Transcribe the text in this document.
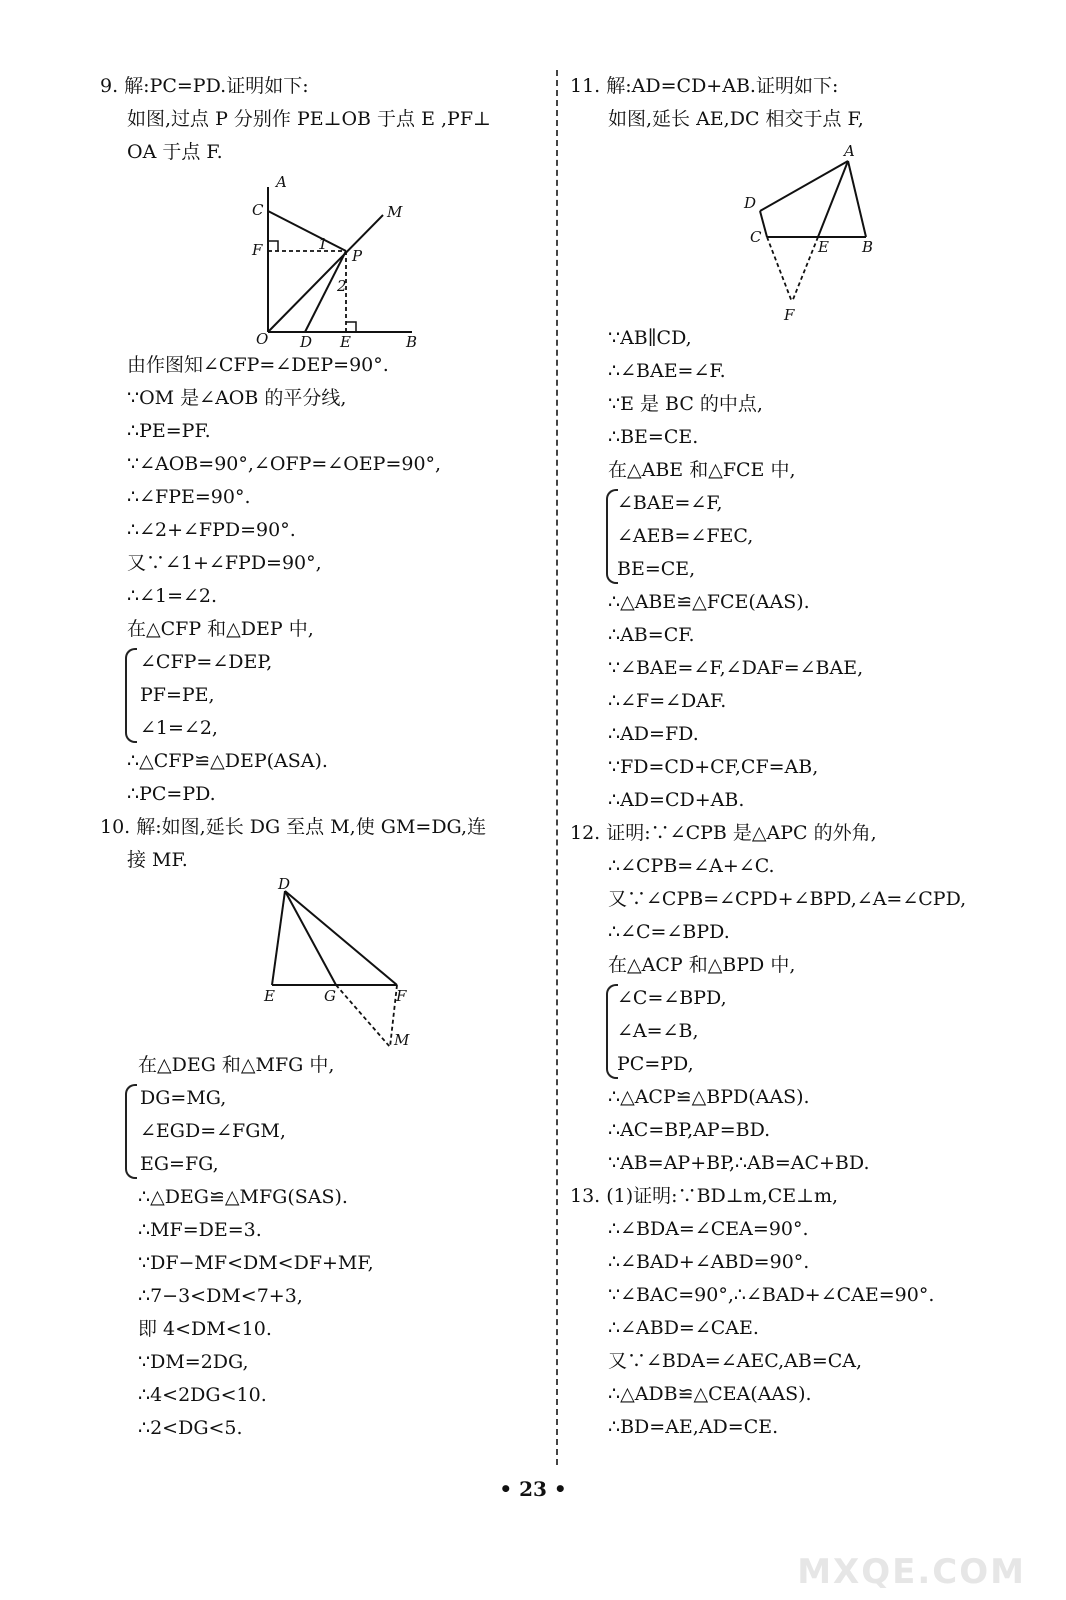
9. 解:PC=PD.证明如下:
如图,过点 P 分别作 PE⊥OB 于点 E ,PF⊥
OA 于点 F.
A
C	M
F	1
P
2
O D E	B
由作图知∠CFP=∠DEP=90°.
∵OM 是∠AOB 的平分线,
∴PE=PF.
∵∠AOB=90°,∠OFP=∠OEP=90°,
∴∠FPE=90°.
∴∠2+∠FPD=90°.
又∵∠1+∠FPD=90°,
∴∠1=∠2.
在△CFP 和△DEP 中,
∠CFP=∠DEP,
PF=PE,
∠1=∠2,
∴△CFP≌△DEP(ASA).
∴PC=PD.
10. 解:如图,延长 DG 至点 M,使 GM=DG,连
接 MF.
D
E	G	F
M
在△DEG 和△MFG 中,
DG=MG,
∠EGD=∠FGM,
EG=FG,
∴△DEG≌△MFG(SAS).
∴MF=DE=3.
∵DF−MF<DM<DF+MF,
∴7−3<DM<7+3,
即 4<DM<10.
∵DM=2DG,
∴4<2DG<10.
∴2<DG<5.
11. 解:AD=CD+AB.证明如下:
如图,延长 AE,DC 相交于点 F,
A
D
C
E B
F
∵AB∥CD,
∴∠BAE=∠F.
∵E 是 BC 的中点,
∴BE=CE.
在△ABE 和△FCE 中,
∠BAE=∠F,
∠AEB=∠FEC,
BE=CE,
∴△ABE≌△FCE(AAS).
∴AB=CF.
∵∠BAE=∠F,∠DAF=∠BAE,
∴∠F=∠DAF.
∴AD=FD.
∵FD=CD+CF,CF=AB,
∴AD=CD+AB.
12. 证明:∵∠CPB 是△APC 的外角,
∴∠CPB=∠A+∠C.
又∵∠CPB=∠CPD+∠BPD,∠A=∠CPD,
∴∠C=∠BPD.
在△ACP 和△BPD 中,
∠C=∠BPD,
∠A=∠B,
PC=PD,
∴△ACP≌△BPD(AAS).
∴AC=BP,AP=BD.
∵AB=AP+BP,∴AB=AC+BD.
13. (1)证明:∵BD⊥m,CE⊥m,
∴∠BDA=∠CEA=90°.
∴∠BAD+∠ABD=90°.
∵∠BAC=90°,∴∠BAD+∠CAE=90°.
∴∠ABD=∠CAE.
又∵∠BDA=∠AEC,AB=CA,
∴△ADB≌△CEA(AAS).
∴BD=AE,AD=CE.
• 23 •
MXQE.COM
